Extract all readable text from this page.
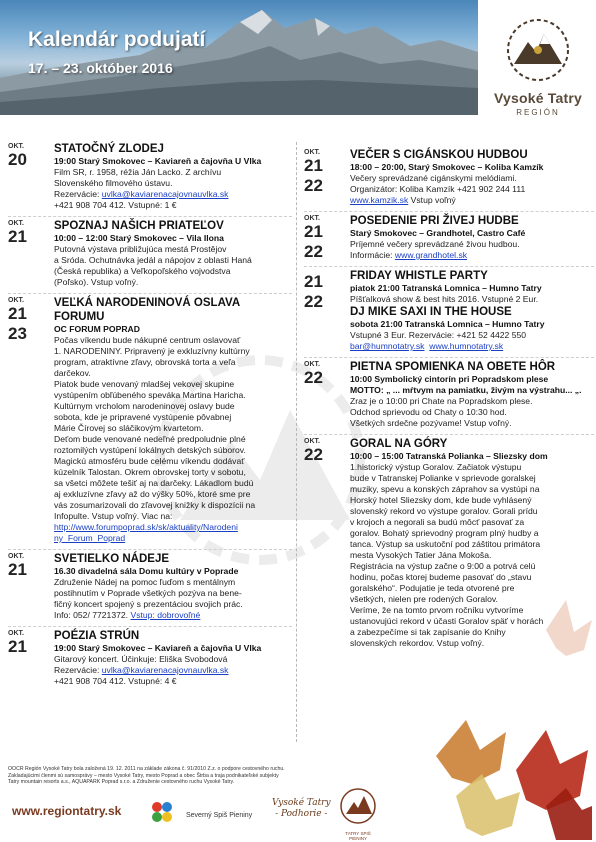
Kalendár podujatí
17. – 23. október 2016
Vysoké Tatry
REGIÓN
OKT.
20
STATOČNÝ ZLODEJ
19:00 Starý Smokovec – Kaviareň a čajovňa U Vlka
Film SR, r. 1958, réžia Ján Lacko. Z archívu
Slovenského filmového ústavu.
Rezervácie: uvlka@kaviarenacajovnauvlka.sk
+421 908 704 412. Vstupné: 1 €
OKT.
21
SPOZNAJ NAŠICH PRIATEĽOV
10:00 – 12:00 Starý Smokovec – Vila Ilona
Putovná výstava približujúca mestá Prostějov
a Sróda. Ochutnávka jedál a nápojov z oblasti Haná
(Česká republika) a Veľkopoľského vojvodstva
(Poľsko). Vstup voľný.
OKT.
21
23
VEĽKÁ NARODENINOVÁ OSLAVA FORUMU
OC FORUM POPRAD
Počas víkendu bude nákupné centrum oslavovať
1. NARODENINY. Pripravený je exkluzívny kultúrny
program, atraktívne zľavy, obrovská torta a veľa
darčekov.
Piatok bude venovaný mladšej vekovej skupine
vystúpením obľúbeného speváka Martina Haricha.
Kultúrnym vrcholom narodeninovej oslavy bude
sobota, kde je pripravené vystúpenie pôvabnej
Márie Čírovej so sláčikovým kvartetom.
Deťom bude venované nedeľné predpoludnie plné
roztomilých vystúpení lokálnych detských súborov.
Magickú atmosféru bude celému víkendu dodávať
kúzelník Talostan. Okrem obrovskej torty v sobotu,
sa všetci môžete tešiť aj na darčeky. Lákadlom budú
aj exkluzívne zľavy až do výšky 50%, ktoré sme pre
vás zosumarizovali do zľavovej knižky k dispozícii na
Infopulte. Vstup voľný. Viac na:
http://www.forumpoprad.sk/sk/aktuality/Narodeni
ny_Forum_Poprad
OKT.
21
SVETIELKO NÁDEJE
16.30 divadelná sála Domu kultúry v Poprade
Združenie Nádej na pomoc ľuďom s mentálnym
postihnutím v Poprade všetkých pozýva na bene-
fičný koncert spojený s prezentáciou svojich prác.
Info: 052/ 7721372. Vstup: dobrovoľné
OKT.
21
POÉZIA STRÚN
19:00 Starý Smokovec – Kaviareň a čajovňa U Vlka
Gitarový koncert. Účinkuje: Eliška Svobodová
Rezervácie: uvlka@kaviarenacajovnauvlka.sk
+421 908 704 412. Vstupné: 4 €
OKT.
21
22
VEČER S CIGÁNSKOU HUDBOU
18:00 – 20:00, Starý Smokovec – Koliba Kamzík
Večery sprevádzané cigánskymi melódiami.
Organizátor: Koliba Kamzík +421 902 244 111
www.kamzik.sk Vstup voľný
OKT.
21
22
POSEDENIE PRI ŽIVEJ HUDBE
Starý Smokovec – Grandhotel, Castro Café
Príjemné večery sprevádzané živou hudbou.
Informácie: www.grandhotel.sk
21
22
FRIDAY WHISTLE PARTY
piatok 21:00 Tatranská Lomnica – Humno Tatry
Píšťalková show & best hits 2016. Vstupné 2 Eur.
DJ MIKE SAXI IN THE HOUSE
sobota 21:00 Tatranská Lomnica – Humno Tatry
Vstupné 3 Eur. Rezervácie: +421 52 4422 550
bar@humnotatry.sk www.humnotatry.sk
OKT.
22
PIETNA SPOMIENKA NA OBETE HÔR
10:00 Symbolický cintorín pri Popradskom plese
MOTTO: „ ... mŕtvym na pamiatku, živým na výstrahu... „.
Zraz je o 10:00 pri Chate na Popradskom plese.
Odchod sprievodu od Chaty o 10:30 hod.
Všetkých srdečne pozývame! Vstup voľný.
OKT.
22
GORAL NA GÓRY
10:00 – 15:00 Tatranská Polianka – Sliezsky dom
1.historický výstup Goralov. Začiatok výstupu
bude v Tatranskej Polianke v sprievode goralskej
muziky, spevu a konských záprahov sa vystúpi na
Horský hotel Sliezsky dom, kde bude vyhlásený
slovenský rekord vo výstupe goralov. Gorali prídu
v krojoch a negorali sa budú môcť pasovať za
goralov. Bohatý sprievodný program plný hudby a
tanca. Výstup sa uskutoční pod záštitou primátora
mesta Vysokých Tatier Jána Mokoša.
Registrácia na výstup začne o 9:00 a potrvá celú
hodinu, počas ktorej budeme pasovať do „stavu
goralského“. Podujatie je teda otvorené pre
všetkých, nielen pre rodených Goralov.
Veríme, že na tomto prvom ročníku vytvoríme
ustanovujúci rekord v účasti Goralov späť v horách
a zabezpečíme si tak zapísanie do Knihy
slovenských rekordov. Vstup voľný.
OOCR Región Vysoké Tatry bola založená 19. 12. 2011 na základe zákona č. 91/2010 Z.z. o podpore cestovného ruchu.
Zakladajúcimi členmi sú samosprávy – mesto Vysoké Tatry, mesto Poprad a obec Štrba a traja podnikateľské subjekty
Tatry mountain resorts a.s., AQUAPARK Poprad s.r.o. a Združenie cestovného ruchu Vysoké Tatry.
www.regiontatry.sk	Severný Spiš Pieniny
Vysoké Tatry
- Podhorie -
TATRY SPIŠ PIENINY
